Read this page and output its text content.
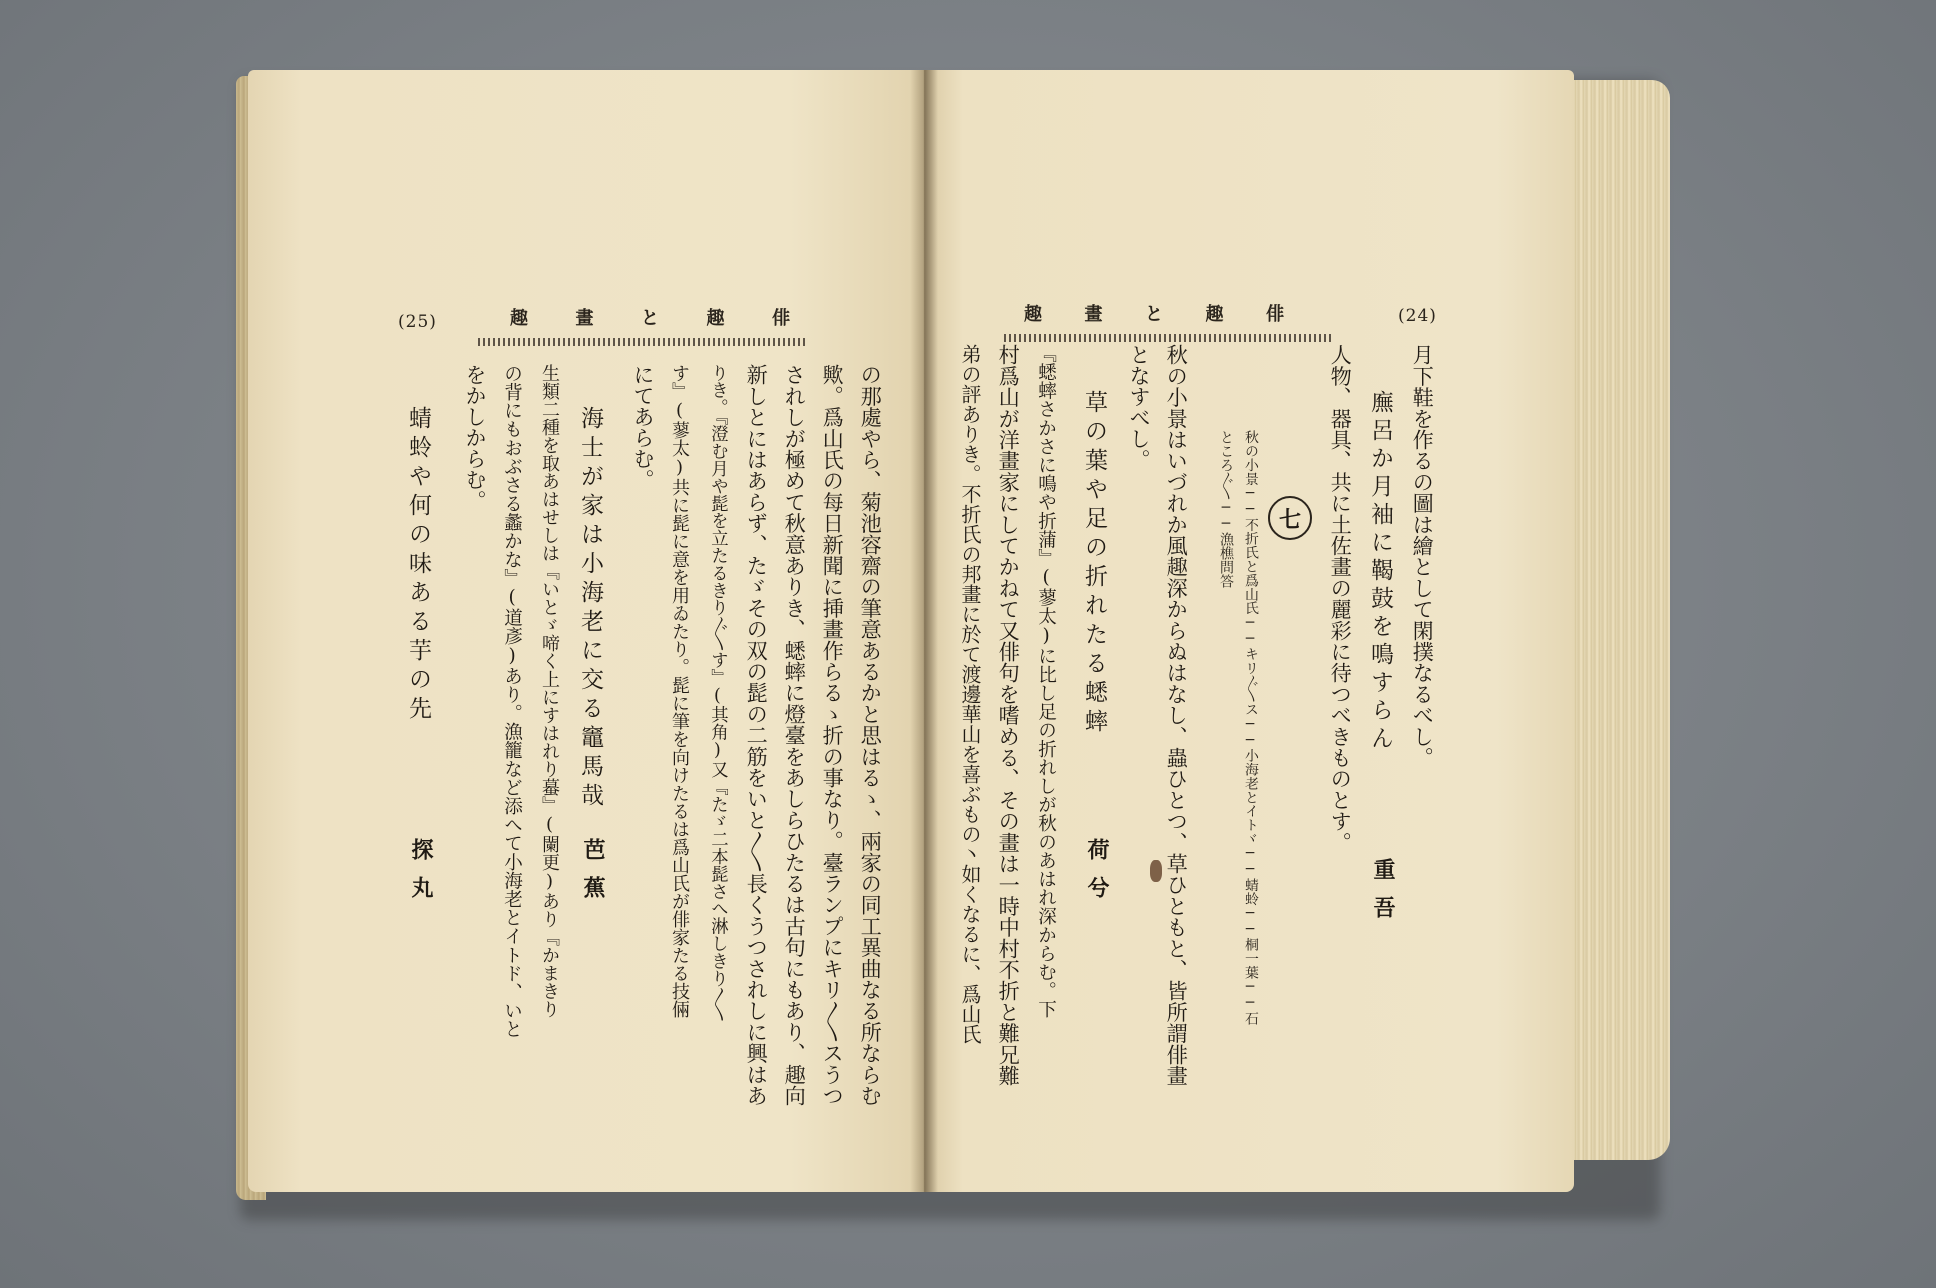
(25)	趣	畫	と	趣	俳
の那處やら、菊池容齋の筆意あるかと思はるゝ、兩家の同工異曲なる所ならむ
歟。爲山氏の每日新聞に挿畫作らるゝ折の事なり。臺ランプにキリ〳〵スうつ
されしが極めて秋意ありき、蟋蟀に燈臺をあしらひたるは古句にもあり、趣向
新しとにはあらず、たゞその双の髭の二筋をいと〳〵長くうつされしに興はあ
りき。『澄む月や髭を立たるきり〴〵す』(其角)又『たゞ二本髭さへ淋しきり〳〵
す』(蓼太)共に髭に意を用ゐたり。髭に筆を向けたるは爲山氏が俳家たる技倆
にてあらむ。
海士が家は小海老に交る竈馬哉
芭蕉
生類二種を取あはせしは『いとゞ啼く上にすはれり蟇』(闌更)あり『かまきり
の背にもおぶさる蠡かな』(道彥)あり。漁籠など添へて小海老とイトド、いと
をかしからむ。
蜻蛉や何の味ある芋の先
探丸
趣 畫 と 趣 俳	(24)
月下鞋を作るの圖は繪として閑撲なるべし。
廡呂か月袖に鞨鼓を鳴すらん
重吾
人物、器具、共に土佐畫の麗彩に待つべきものとす。
七
秋の小景──不折氏と爲山氏──キリ〴〵ス──小海老とイトヾ──蜻蛉──桐一葉──石
ところ〴〵──漁樵問答
秋の小景はいづれか風趣深からぬはなし、蟲ひとつ、草ひともと、皆所謂俳畫
となすべし。
草の葉や足の折れたる蟋蟀
荷兮
『蟋蟀さかさに鳴や折蒲』(蓼太)に比し足の折れしが秋のあはれ深からむ。下
村爲山が洋畫家にしてかねて又俳句を嗜める、その畫は一時中村不折と難兄難
弟の評ありき。不折氏の邦畫に於て渡邊華山を喜ぶもの丶如くなるに、爲山氏
